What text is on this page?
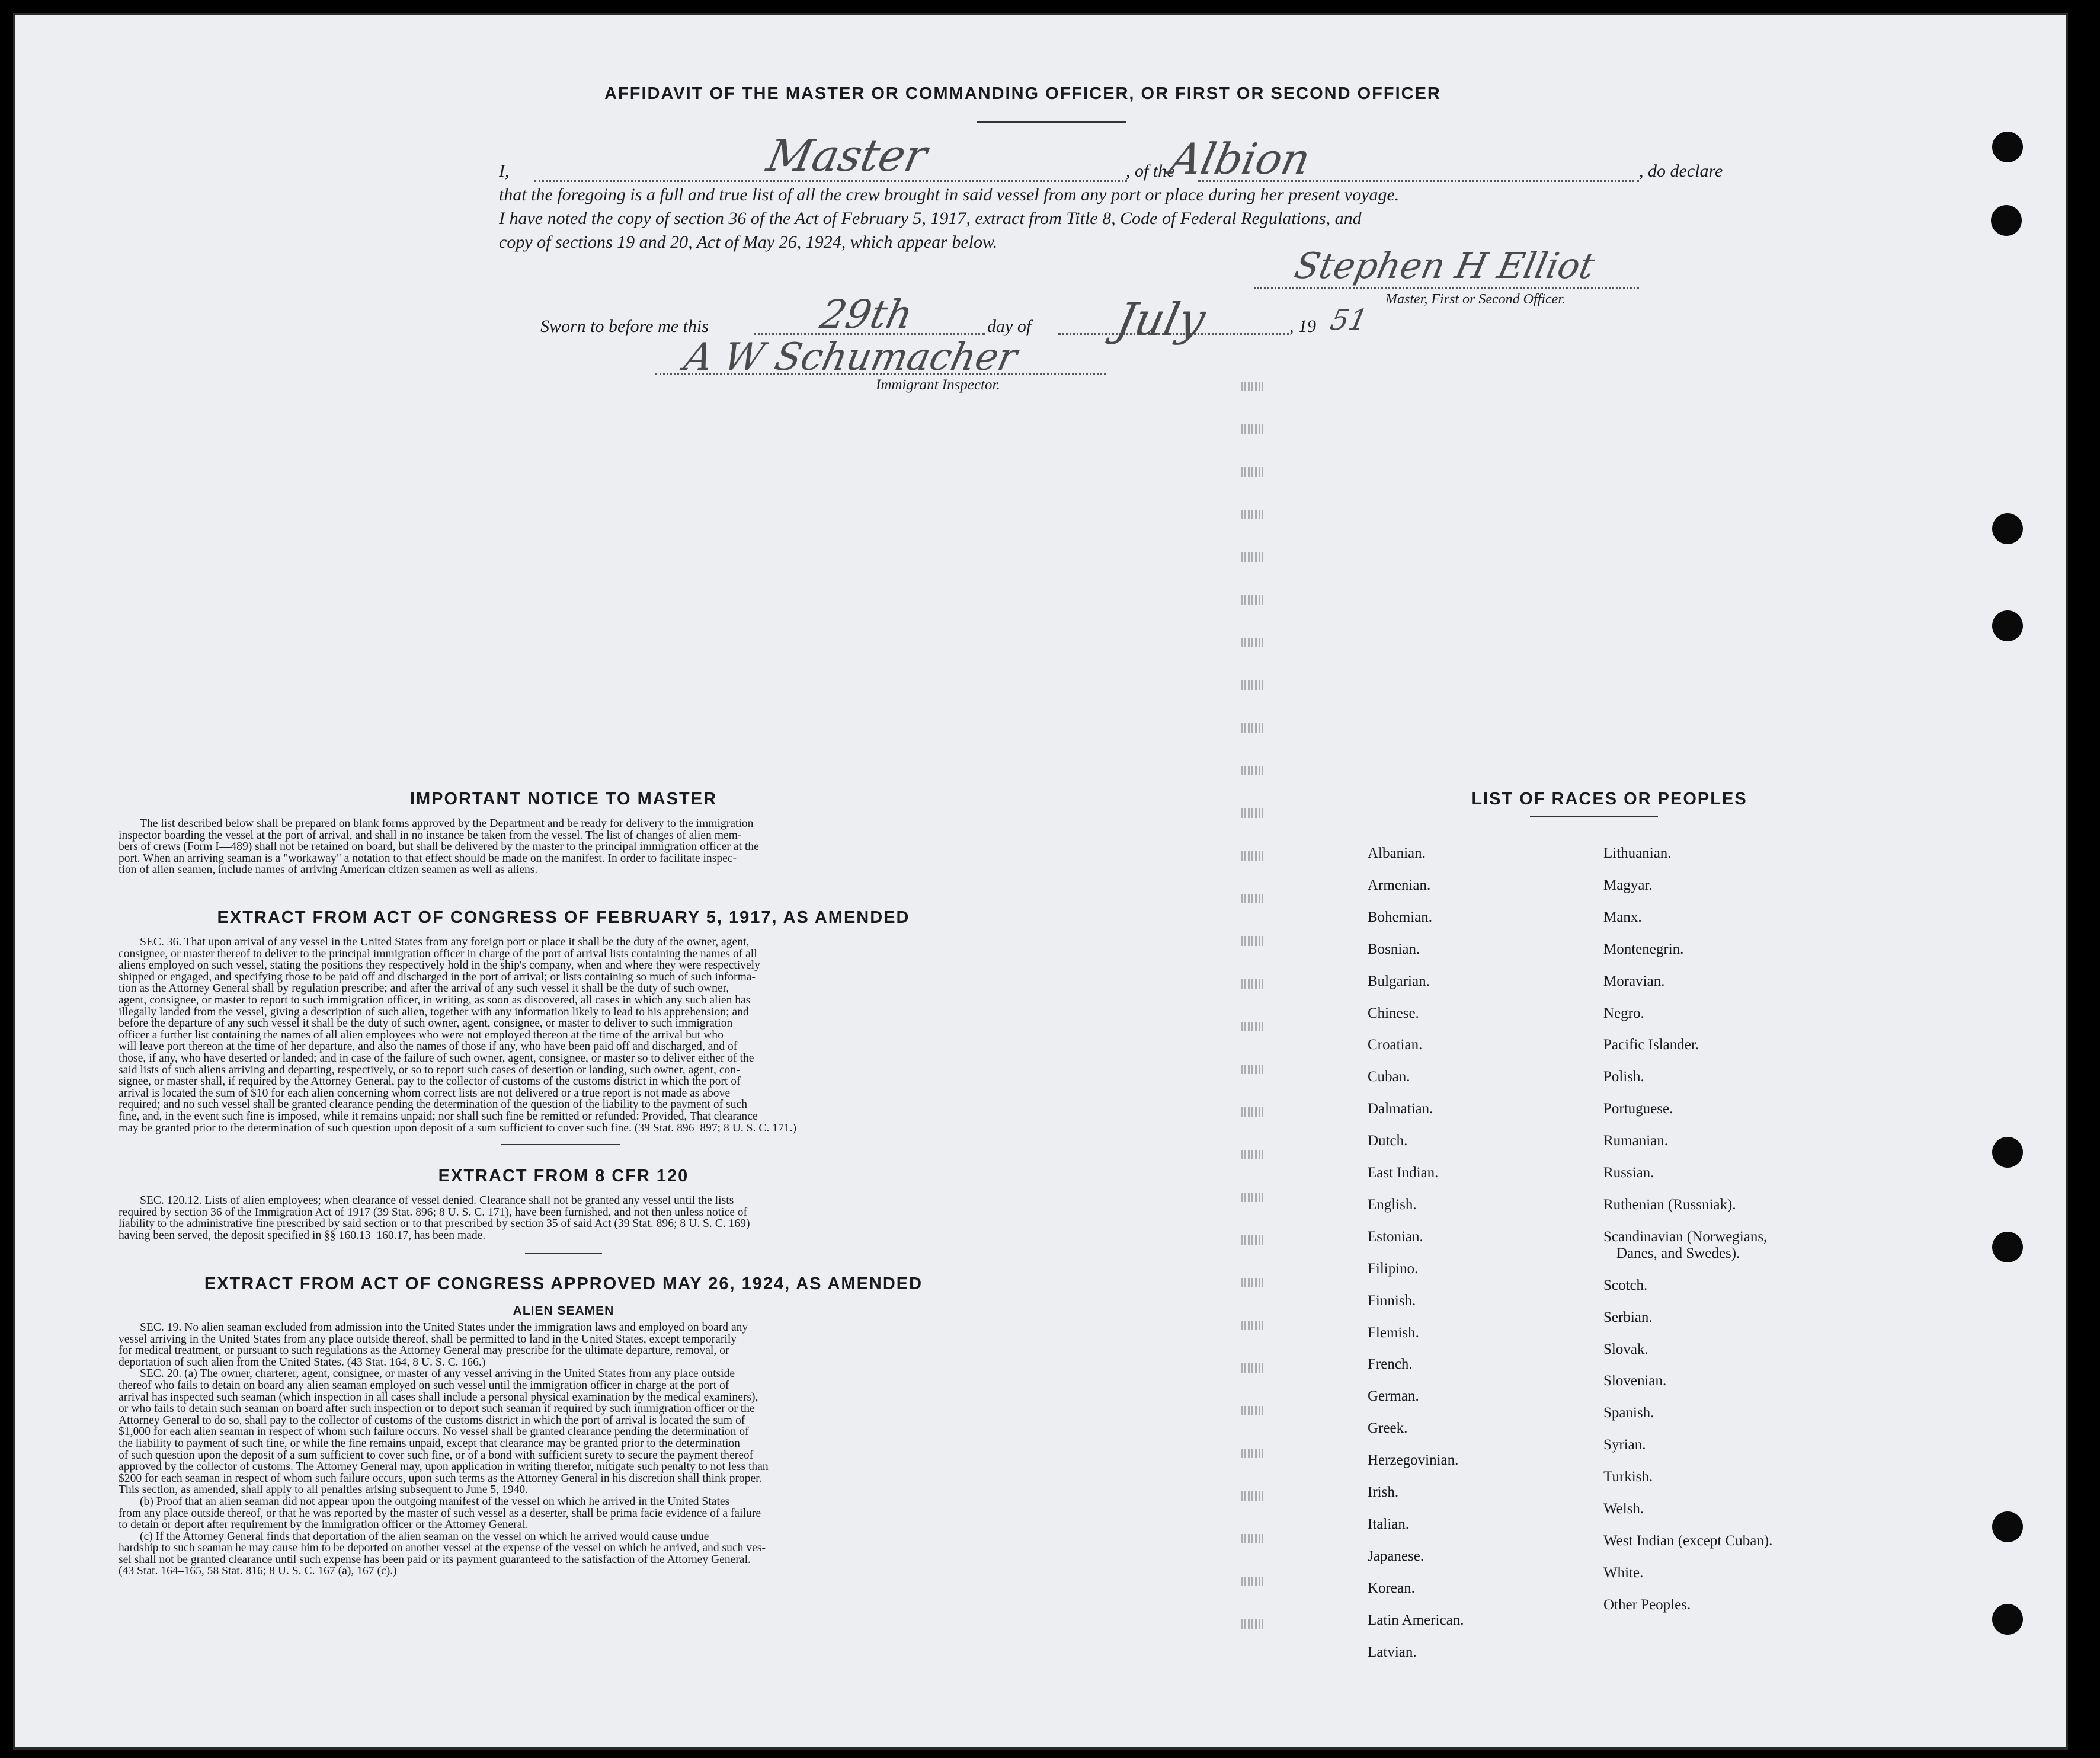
AFFIDAVIT OF THE MASTER OR COMMANDING OFFICER, OR FIRST OR SECOND OFFICER
I,	, of the	, do declare
Master	Albion
that the foregoing is a full and true list of all the crew brought in said vessel from any port or place during her present voyage.
I have noted the copy of section 36 of the Act of February 5, 1917, extract from Title 8, Code of Federal Regulations, and
copy of sections 19 and 20, Act of May 26, 1924, which appear below.
Stephen H Elliot
Master, First or Second Officer.
Sworn to before me this	29th	day of July	, 19 51
A W Schumacher
Immigrant Inspector.
IMPORTANT NOTICE TO MASTER
The list described below shall be prepared on blank forms approved by the Department and be ready for delivery to the immigration
inspector boarding the vessel at the port of arrival, and shall in no instance be taken from the vessel. The list of changes of alien mem-
bers of crews (Form I—489) shall not be retained on board, but shall be delivered by the master to the principal immigration officer at the
port. When an arriving seaman is a "workaway" a notation to that effect should be made on the manifest. In order to facilitate inspec-
tion of alien seamen, include names of arriving American citizen seamen as well as aliens.
EXTRACT FROM ACT OF CONGRESS OF FEBRUARY 5, 1917, AS AMENDED
SEC. 36. That upon arrival of any vessel in the United States from any foreign port or place it shall be the duty of the owner, agent,
consignee, or master thereof to deliver to the principal immigration officer in charge of the port of arrival lists containing the names of all
aliens employed on such vessel, stating the positions they respectively hold in the ship's company, when and where they were respectively
shipped or engaged, and specifying those to be paid off and discharged in the port of arrival; or lists containing so much of such informa-
tion as the Attorney General shall by regulation prescribe; and after the arrival of any such vessel it shall be the duty of such owner,
agent, consignee, or master to report to such immigration officer, in writing, as soon as discovered, all cases in which any such alien has
illegally landed from the vessel, giving a description of such alien, together with any information likely to lead to his apprehension; and
before the departure of any such vessel it shall be the duty of such owner, agent, consignee, or master to deliver to such immigration
officer a further list containing the names of all alien employees who were not employed thereon at the time of the arrival but who
will leave port thereon at the time of her departure, and also the names of those if any, who have been paid off and discharged, and of
those, if any, who have deserted or landed; and in case of the failure of such owner, agent, consignee, or master so to deliver either of the
said lists of such aliens arriving and departing, respectively, or so to report such cases of desertion or landing, such owner, agent, con-
signee, or master shall, if required by the Attorney General, pay to the collector of customs of the customs district in which the port of
arrival is located the sum of $10 for each alien concerning whom correct lists are not delivered or a true report is not made as above
required; and no such vessel shall be granted clearance pending the determination of the question of the liability to the payment of such
fine, and, in the event such fine is imposed, while it remains unpaid; nor shall such fine be remitted or refunded: Provided, That clearance
may be granted prior to the determination of such question upon deposit of a sum sufficient to cover such fine. (39 Stat. 896–897; 8 U. S. C. 171.)
EXTRACT FROM 8 CFR 120
SEC. 120.12. Lists of alien employees; when clearance of vessel denied. Clearance shall not be granted any vessel until the lists
required by section 36 of the Immigration Act of 1917 (39 Stat. 896; 8 U. S. C. 171), have been furnished, and not then unless notice of
liability to the administrative fine prescribed by said section or to that prescribed by section 35 of said Act (39 Stat. 896; 8 U. S. C. 169)
having been served, the deposit specified in §§ 160.13–160.17, has been made.
EXTRACT FROM ACT OF CONGRESS APPROVED MAY 26, 1924, AS AMENDED
ALIEN SEAMEN
SEC. 19. No alien seaman excluded from admission into the United States under the immigration laws and employed on board any
vessel arriving in the United States from any place outside thereof, shall be permitted to land in the United States, except temporarily
for medical treatment, or pursuant to such regulations as the Attorney General may prescribe for the ultimate departure, removal, or
deportation of such alien from the United States. (43 Stat. 164, 8 U. S. C. 166.)
SEC. 20. (a) The owner, charterer, agent, consignee, or master of any vessel arriving in the United States from any place outside
thereof who fails to detain on board any alien seaman employed on such vessel until the immigration officer in charge at the port of
arrival has inspected such seaman (which inspection in all cases shall include a personal physical examination by the medical examiners),
or who fails to detain such seaman on board after such inspection or to deport such seaman if required by such immigration officer or the
Attorney General to do so, shall pay to the collector of customs of the customs district in which the port of arrival is located the sum of
$1,000 for each alien seaman in respect of whom such failure occurs. No vessel shall be granted clearance pending the determination of
the liability to payment of such fine, or while the fine remains unpaid, except that clearance may be granted prior to the determination
of such question upon the deposit of a sum sufficient to cover such fine, or of a bond with sufficient surety to secure the payment thereof
approved by the collector of customs. The Attorney General may, upon application in writing therefor, mitigate such penalty to not less than
$200 for each seaman in respect of whom such failure occurs, upon such terms as the Attorney General in his discretion shall think proper.
This section, as amended, shall apply to all penalties arising subsequent to June 5, 1940.
(b) Proof that an alien seaman did not appear upon the outgoing manifest of the vessel on which he arrived in the United States
from any place outside thereof, or that he was reported by the master of such vessel as a deserter, shall be prima facie evidence of a failure
to detain or deport after requirement by the immigration officer or the Attorney General.
(c) If the Attorney General finds that deportation of the alien seaman on the vessel on which he arrived would cause undue
hardship to such seaman he may cause him to be deported on another vessel at the expense of the vessel on which he arrived, and such ves-
sel shall not be granted clearance until such expense has been paid or its payment guaranteed to the satisfaction of the Attorney General.
(43 Stat. 164–165, 58 Stat. 816; 8 U. S. C. 167 (a), 167 (c).)
LIST OF RACES OR PEOPLES
Albanian.
Armenian.
Bohemian.
Bosnian.
Bulgarian.
Chinese.
Croatian.
Cuban.
Dalmatian.
Dutch.
East Indian.
English.
Estonian.
Filipino.
Finnish.
Flemish.
French.
German.
Greek.
Herzegovinian.
Irish.
Italian.
Japanese.
Korean.
Latin American.
Latvian.
Lithuanian.
Magyar.
Manx.
Montenegrin.
Moravian.
Negro.
Pacific Islander.
Polish.
Portuguese.
Rumanian.
Russian.
Ruthenian (Russniak).
Scandinavian (Norwegians,
Danes, and Swedes).
Scotch.
Serbian.
Slovak.
Slovenian.
Spanish.
Syrian.
Turkish.
Welsh.
West Indian (except Cuban).
White.
Other Peoples.
